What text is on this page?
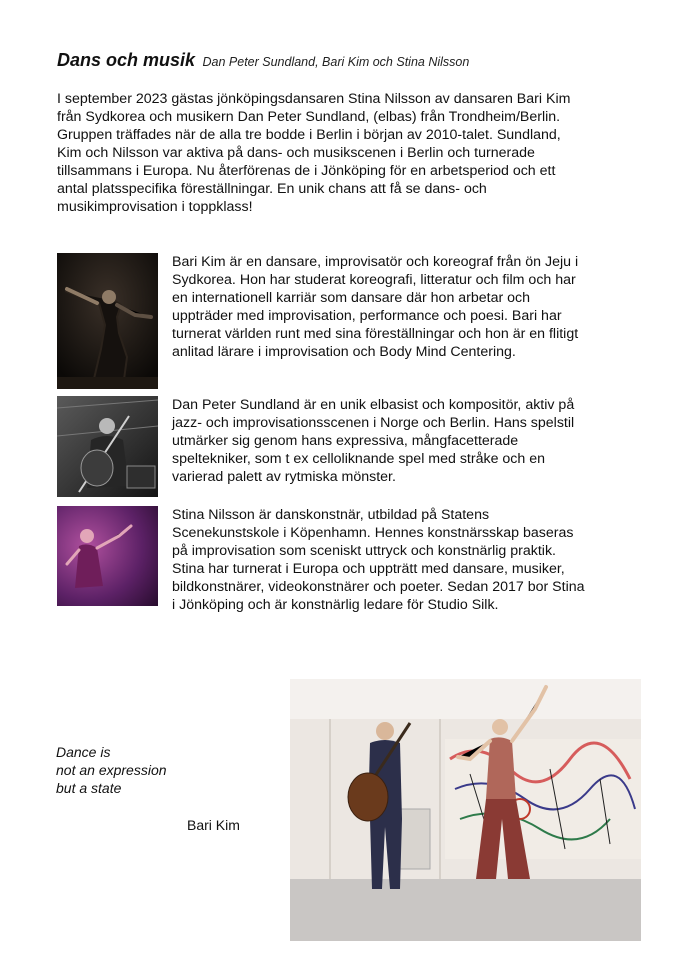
Dans och musik Dan Peter Sundland, Bari Kim och Stina Nilsson

I september 2023 gästas jönköpingsdansaren Stina Nilsson av dansaren Bari Kim
från Sydkorea och musikern Dan Peter Sundland, (elbas) från Trondheim/Berlin.
Gruppen träffades när de alla tre bodde i Berlin i början av 2010-talet. Sundland,
Kim och Nilsson var aktiva på dans- och musikscenen i Berlin och turnerade
tillsammans i Europa. Nu återförenas de i Jönköping för en arbetsperiod och ett
antal platsspecifika föreställningar. En unik chans att få se dans- och
musikimprovisation i toppklass!

Bari Kim är en dansare, improvisatör och koreograf från ön Jeju i
Sydkorea. Hon har studerat koreografi, litteratur och film och har
en internationell karriär som dansare där hon arbetar och
uppträder med improvisation, performance och poesi. Bari har
turnerat världen runt med sina föreställningar och hon är en flitigt
anlitad lärare i improvisation och Body Mind Centering.

Dan Peter Sundland är en unik elbasist och kompositör, aktiv på
jazz- och improvisationsscenen i Norge och Berlin. Hans spelstil
utmärker sig genom hans expressiva, mångfacetterade
speltekniker, som t ex celloliknande spel med stråke och en
varierad palett av rytmiska mönster.

Stina Nilsson är danskonstnär, utbildad på Statens
Scenekunstskole i Köpenhamn. Hennes konstnärsskap baseras
på improvisation som sceniskt uttryck och konstnärlig praktik.
Stina har turnerat i Europa och uppträtt med dansare, musiker,
bildkonstnärer, videokonstnärer och poeter. Sedan 2017 bor Stina
i Jönköping och är konstnärlig ledare för Studio Silk.

Dance is
not an expression
but a state

Bari Kim
